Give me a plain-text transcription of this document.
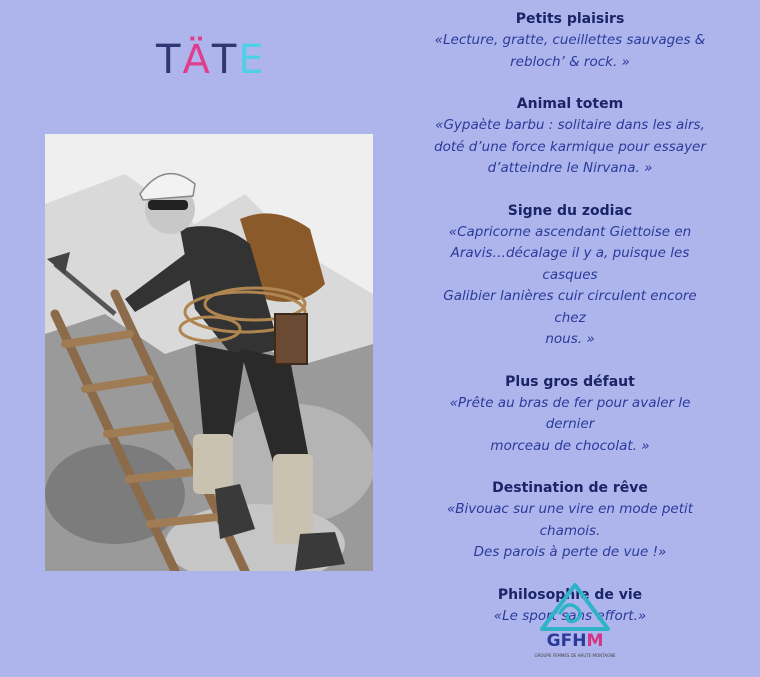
TÄTE
Petits plaisirs

«Lecture, gratte, cueillettes sauvages &
rebloch’ & rock. »

Animal totem

«Gypaète barbu : solitaire dans les airs,
doté d’une force karmique pour essayer
d’atteindre le Nirvana. »

Signe du zodiac

«Capricorne ascendant Giettoise en
Aravis…décalage il y a, puisque les casques
Galibier lanières cuir circulent encore chez
nous. »

Plus gros défaut

«Prête au bras de fer pour avaler le dernier
morceau de chocolat. »

Destination de rêve

«Bivouac sur une vire en mode petit
chamois.
Des parois à perte de vue !»

Philosophie de vie

«Le sport sans effort.»

GFHM
GROUPE FEMMES DE HAUTE MONTAGNE
